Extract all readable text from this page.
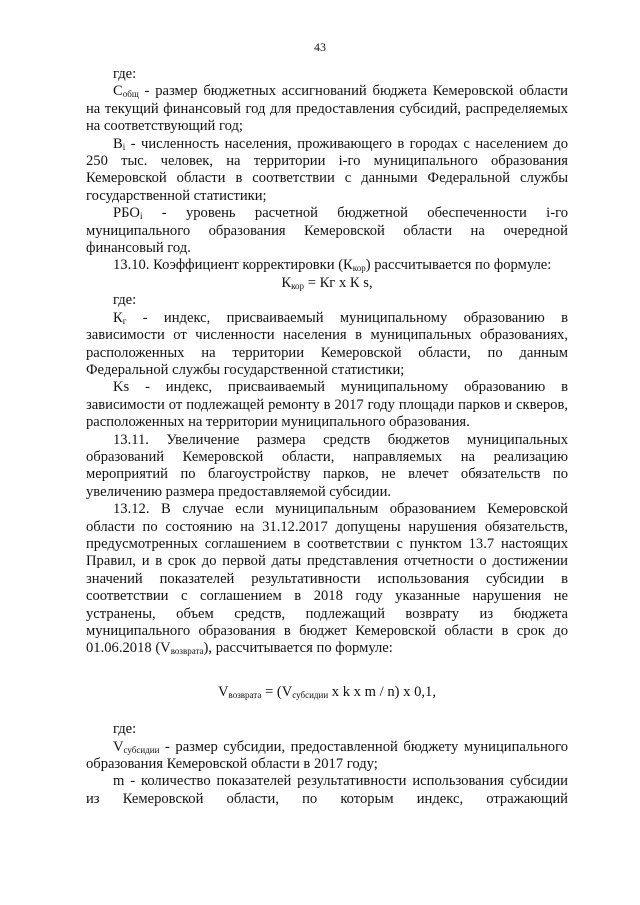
43

где:

$С_{общ}$ - размер бюджетных ассигнований бюджета Кемеровской области на текущий финансовый год для предоставления субсидий, распределяемых на соответствующий год;

$В_i$ - численность населения, проживающего в городах с населением до 250 тыс. человек, на территории i-го муниципального образования Кемеровской области в соответствии с данными Федеральной службы государственной статистики;

$РБО_i$ - уровень расчетной бюджетной обеспеченности i-го муниципального образования Кемеровской области на очередной финансовый год.

13.10. Коэффициент корректировки $(К_{кор})$ рассчитывается по формуле:

$К_{кор}$ = Кг х К s,

где:

$К_г$ - индекс, присваиваемый муниципальному образованию в зависимости от численности населения в муниципальных образованиях, расположенных на территории Кемеровской области, по данным Федеральной службы государственной статистики;

Ks - индекс, присваиваемый муниципальному образованию в зависимости от подлежащей ремонту в 2017 году площади парков и скверов, расположенных на территории муниципального образования.

13.11. Увеличение размера средств бюджетов муниципальных образований Кемеровской области, направляемых на реализацию мероприятий по благоустройству парков, не влечет обязательств по увеличению размера предоставляемой субсидии.

13.12. В случае если муниципальным образованием Кемеровской области по состоянию на 31.12.2017 допущены нарушения обязательств, предусмотренных соглашением в соответствии с пунктом 13.7 настоящих Правил, и в срок до первой даты представления отчетности о достижении значений показателей результативности использования субсидии в соответствии с соглашением в 2018 году указанные нарушения не устранены, объем средств, подлежащий возврату из бюджета муниципального образования в бюджет Кемеровской области в срок до 01.06.2018 $(V_{возврата})$, рассчитывается по формуле:

$V_{возврата} = (V_{субсидии}$ х k х m / n) х 0,1,

где:

$V_{субсидии}$ - размер субсидии, предоставленной бюджету муниципального образования Кемеровской области в 2017 году;

m - количество показателей результативности использования субсидии из Кемеровской области, по которым индекс, отражающий
